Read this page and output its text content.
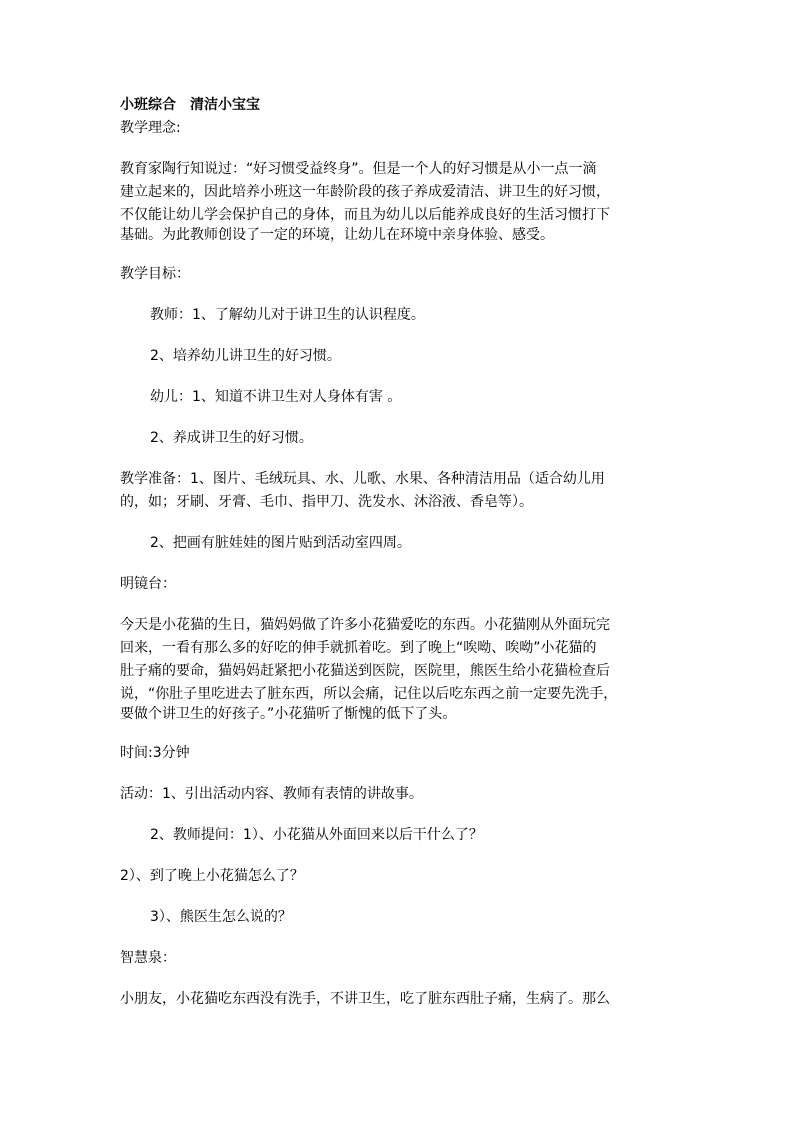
小班综合　清洁小宝宝
教学理念:
教育家陶行知说过：“好习惯受益终身”。但是一个人的好习惯是从小一点一滴
建立起来的，因此培养小班这一年龄阶段的孩子养成爱清洁、讲卫生的好习惯，
不仅能让幼儿学会保护自己的身体，而且为幼儿以后能养成良好的生活习惯打下
基础。为此教师创设了一定的环境，让幼儿在环境中亲身体验、感受。
教学目标：
教师：1、了解幼儿对于讲卫生的认识程度。
2、培养幼儿讲卫生的好习惯。
幼儿：1、知道不讲卫生对人身体有害 。
2、养成讲卫生的好习惯。
教学准备：1、图片、毛绒玩具、水、儿歌、水果、各种清洁用品（适合幼儿用
的，如；牙刷、牙膏、毛巾、指甲刀、洗发水、沐浴液、香皂等）。
2、把画有脏娃娃的图片贴到活动室四周。
明镜台：
今天是小花猫的生日，猫妈妈做了许多小花猫爱吃的东西。小花猫刚从外面玩完
回来，一看有那么多的好吃的伸手就抓着吃。到了晚上“唉呦、唉呦”小花猫的
肚子痛的要命，猫妈妈赶紧把小花猫送到医院，医院里，熊医生给小花猫检查后
说，“你肚子里吃进去了脏东西，所以会痛，记住以后吃东西之前一定要先洗手，
要做个讲卫生的好孩子。”小花猫听了惭愧的低下了头。
时间:3分钟
活动：1、引出活动内容、教师有表情的讲故事。
2、教师提问：1）、小花猫从外面回来以后干什么了？
2）、到了晚上小花猫怎么了？
3）、熊医生怎么说的？
智慧泉：
小朋友，小花猫吃东西没有洗手，不讲卫生，吃了脏东西肚子痛，生病了。那么
